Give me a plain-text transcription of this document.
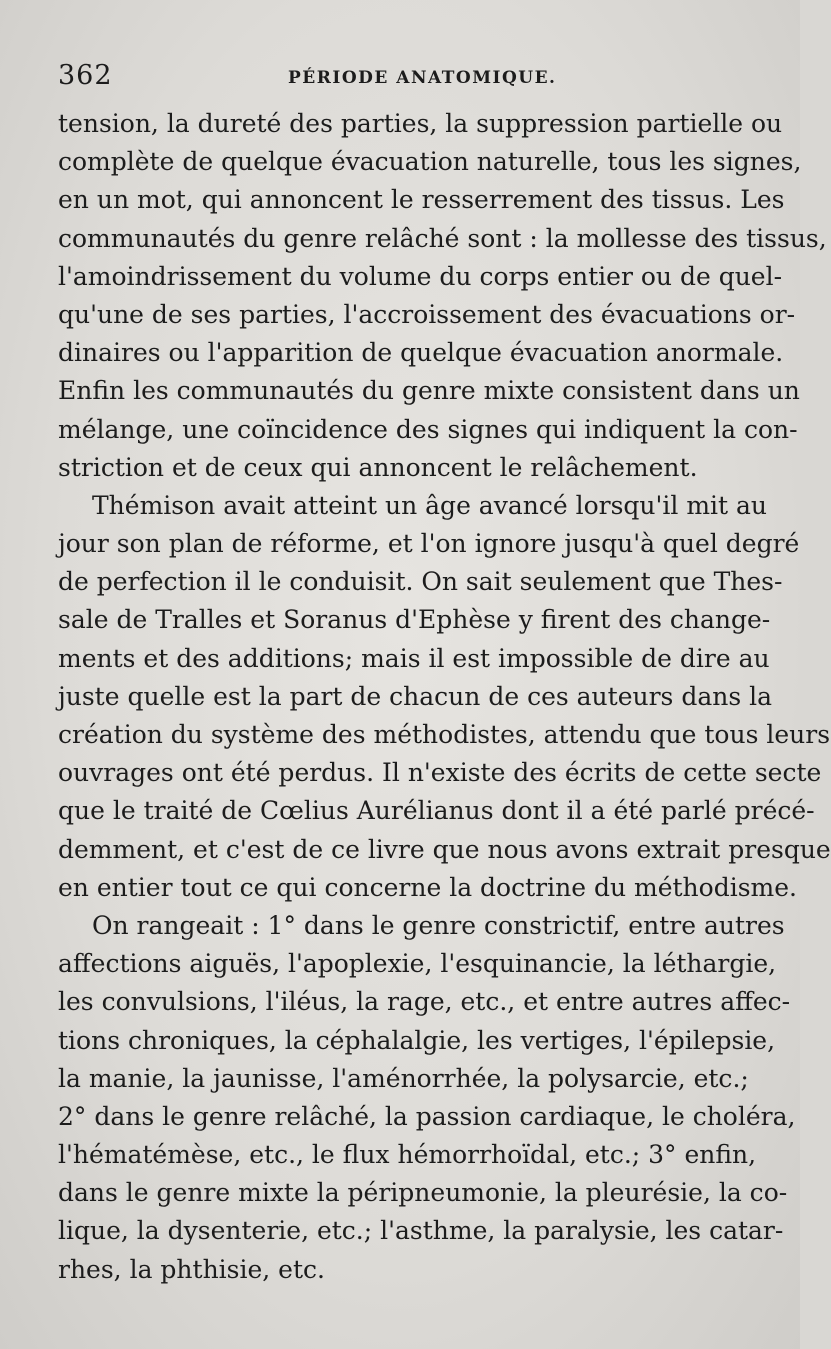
362	PÉRIODE ANATOMIQUE.
tension, la dureté des parties, la suppression partielle ou
complète de quelque évacuation naturelle, tous les signes,
en un mot, qui annoncent le resserrement des tissus. Les
communautés du genre relâché sont : la mollesse des tissus,
l'amoindrissement du volume du corps entier ou de quel-
qu'une de ses parties, l'accroissement des évacuations or-
dinaires ou l'apparition de quelque évacuation anormale.
Enfin les communautés du genre mixte consistent dans un
mélange, une coïncidence des signes qui indiquent la con-
striction et de ceux qui annoncent le relâchement.
Thémison avait atteint un âge avancé lorsqu'il mit au
jour son plan de réforme, et l'on ignore jusqu'à quel degré
de perfection il le conduisit. On sait seulement que Thes-
sale de Tralles et Soranus d'Ephèse y firent des change-
ments et des additions; mais il est impossible de dire au
juste quelle est la part de chacun de ces auteurs dans la
création du système des méthodistes, attendu que tous leurs
ouvrages ont été perdus. Il n'existe des écrits de cette secte
que le traité de Cœlius Aurélianus dont il a été parlé précé-
demment, et c'est de ce livre que nous avons extrait presque
en entier tout ce qui concerne la doctrine du méthodisme.
On rangeait : 1° dans le genre constrictif, entre autres
affections aiguës, l'apoplexie, l'esquinancie, la léthargie,
les convulsions, l'iléus, la rage, etc., et entre autres affec-
tions chroniques, la céphalalgie, les vertiges, l'épilepsie,
la manie, la jaunisse, l'aménorrhée, la polysarcie, etc.;
2° dans le genre relâché, la passion cardiaque, le choléra,
l'hématémèse, etc., le flux hémorrhoïdal, etc.; 3° enfin,
dans le genre mixte la péripneumonie, la pleurésie, la co-
lique, la dysenterie, etc.; l'asthme, la paralysie, les catar-
rhes, la phthisie, etc.
